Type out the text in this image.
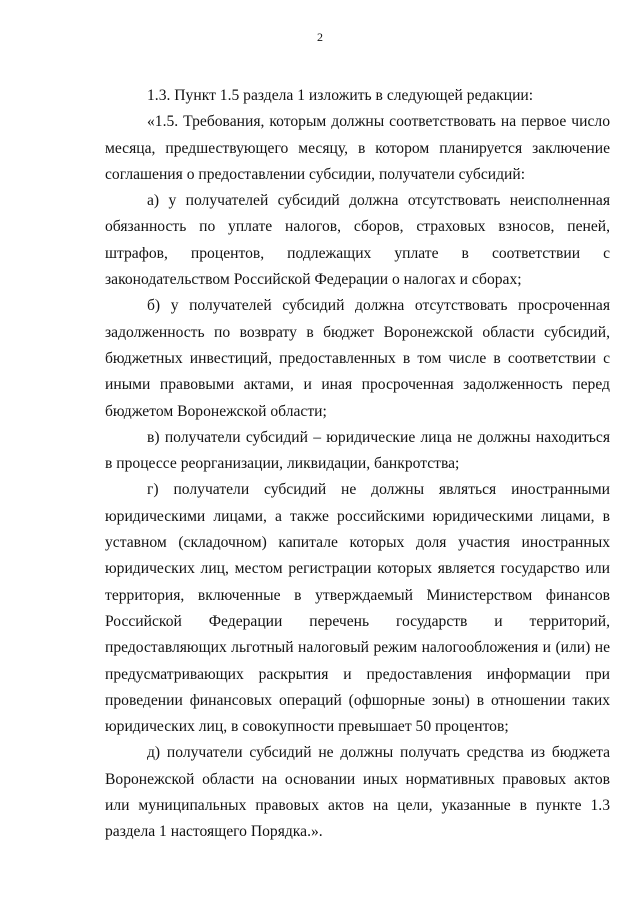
2

1.3. Пункт 1.5 раздела 1 изложить в следующей редакции:

«1.5. Требования, которым должны соответствовать на первое число месяца, предшествующего месяцу, в котором планируется заключение соглашения о предоставлении субсидии, получатели субсидий:

а) у получателей субсидий должна отсутствовать неисполненная обязанность по уплате налогов, сборов, страховых взносов, пеней, штрафов, процентов, подлежащих уплате в соответствии с законодательством Российской Федерации о налогах и сборах;

б) у получателей субсидий должна отсутствовать просроченная задолженность по возврату в бюджет Воронежской области субсидий, бюджетных инвестиций, предоставленных в том числе в соответствии с иными правовыми актами, и иная просроченная задолженность перед бюджетом Воронежской области;

в) получатели субсидий – юридические лица не должны находиться в процессе реорганизации, ликвидации, банкротства;

г) получатели субсидий не должны являться иностранными юридическими лицами, а также российскими юридическими лицами, в уставном (складочном) капитале которых доля участия иностранных юридических лиц, местом регистрации которых является государство или территория, включенные в утверждаемый Министерством финансов Российской Федерации перечень государств и территорий, предоставляющих льготный налоговый режим налогообложения и (или) не предусматривающих раскрытия и предоставления информации при проведении финансовых операций (офшорные зоны) в отношении таких юридических лиц, в совокупности превышает 50 процентов;

д) получатели субсидий не должны получать средства из бюджета Воронежской области на основании иных нормативных правовых актов или муниципальных правовых актов на цели, указанные в пункте 1.3 раздела 1 настоящего Порядка.».
